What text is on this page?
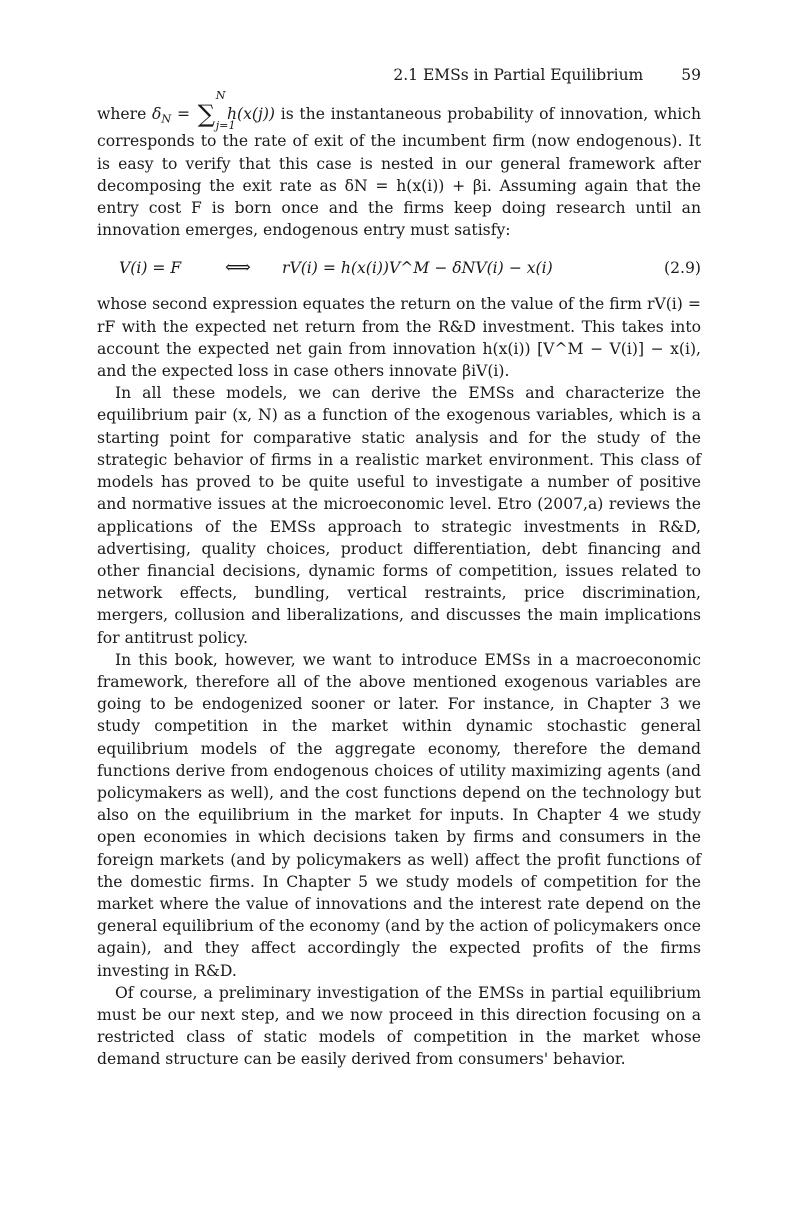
2.1 EMSs in Partial Equilibrium 59

where $\delta_N$ = ∑
N
j=1
h(x(j)) is the instantaneous probability of innovation, which corresponds to the rate of exit of the incumbent firm (now endogenous). It is easy to verify that this case is nested in our general framework after decomposing the exit rate as δN = h(x(i)) + βi. Assuming again that the entry cost F is born once and the firms keep doing research until an innovation emerges, endogenous entry must satisfy:

V(i) = F ⟺ rV(i) = h(x(i))V^M − δNV(i) − x(i)	(2.9)

whose second expression equates the return on the value of the firm rV(i) = rF with the expected net return from the R&D investment. This takes into account the expected net gain from innovation h(x(i)) [V^M − V(i)] − x(i), and the expected loss in case others innovate βiV(i).

In all these models, we can derive the EMSs and characterize the equilibrium pair (x, N) as a function of the exogenous variables, which is a starting point for comparative static analysis and for the study of the strategic behavior of firms in a realistic market environment. This class of models has proved to be quite useful to investigate a number of positive and normative issues at the microeconomic level. Etro (2007,a) reviews the applications of the EMSs approach to strategic investments in R&D, advertising, quality choices, product differentiation, debt financing and other financial decisions, dynamic forms of competition, issues related to network effects, bundling, vertical restraints, price discrimination, mergers, collusion and liberalizations, and discusses the main implications for antitrust policy.

In this book, however, we want to introduce EMSs in a macroeconomic framework, therefore all of the above mentioned exogenous variables are going to be endogenized sooner or later. For instance, in Chapter 3 we study competition in the market within dynamic stochastic general equilibrium models of the aggregate economy, therefore the demand functions derive from endogenous choices of utility maximizing agents (and policymakers as well), and the cost functions depend on the technology but also on the equilibrium in the market for inputs. In Chapter 4 we study open economies in which decisions taken by firms and consumers in the foreign markets (and by policymakers as well) affect the profit functions of the domestic firms. In Chapter 5 we study models of competition for the market where the value of innovations and the interest rate depend on the general equilibrium of the economy (and by the action of policymakers once again), and they affect accordingly the expected profits of the firms investing in R&D.

Of course, a preliminary investigation of the EMSs in partial equilibrium must be our next step, and we now proceed in this direction focusing on a restricted class of static models of competition in the market whose demand structure can be easily derived from consumers' behavior.
